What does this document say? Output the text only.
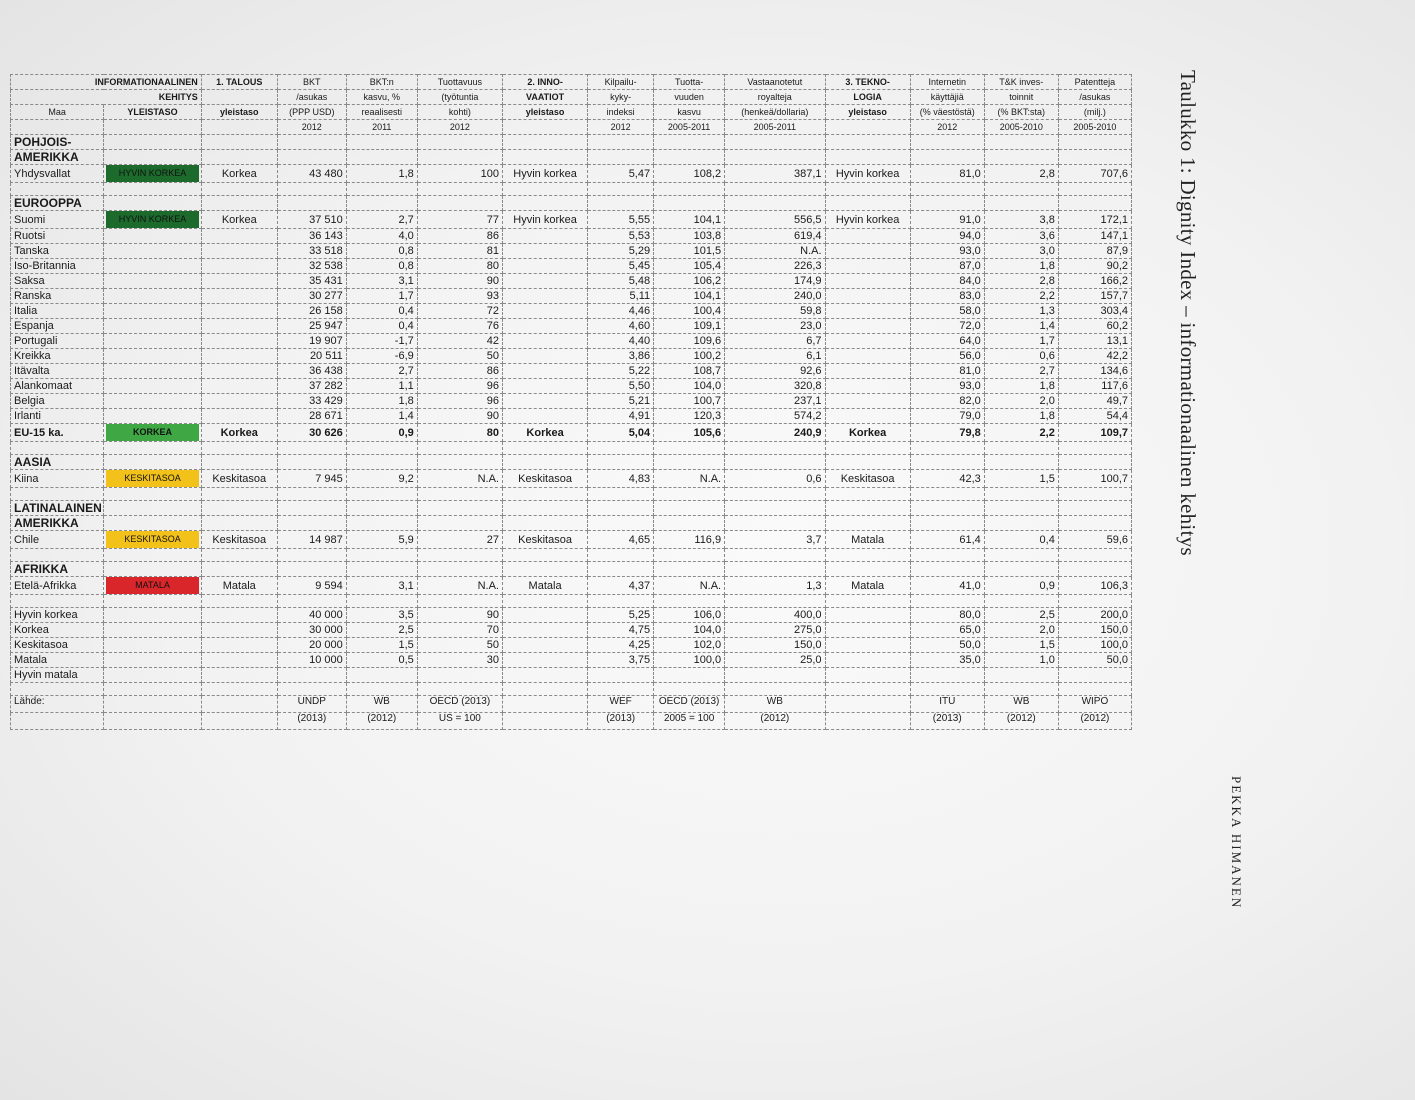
INFORMATIONAALINEN		1. TALOUS	BKT	BKT:n	Tuottavuus	2. INNO-	Kilpailu-	Tuotta-	Vastaanotetut	3. TEKNO-	Internetin	T&K inves-	Patentteja
KEHITYS			/asukas	kasvu, %	(työtuntia	VAATIOT	kyky-	vuuden	royalteja	LOGIA	käyttäjiä	toinnit	/asukas
Maa	YLEISTASO	yleistaso	(PPP USD)	reaalisesti	kohti)	yleistaso	indeksi	kasvu	(henkeä/dollaria)	yleistaso	(% väestöstä)	(% BKT:sta)	(milj.)
			2012	2011	2012		2012	2005-2011	2005-2011		2012	2005-2010	2005-2010
POHJOIS-													
AMERIKKA													
Yhdysvallat	HYVIN KORKEA	Korkea	43 480	1,8	100	Hyvin korkea	5,47	108,2	387,1	Hyvin korkea	81,0	2,8	707,6

EUROOPPA													
Suomi	HYVIN KORKEA	Korkea	37 510	2,7	77	Hyvin korkea	5,55	104,1	556,5	Hyvin korkea	91,0	3,8	172,1
Ruotsi			36 143	4,0	86		5,53	103,8	619,4		94,0	3,6	147,1
Tanska			33 518	0,8	81		5,29	101,5	N.A.		93,0	3,0	87,9
Iso-Britannia			32 538	0,8	80		5,45	105,4	226,3		87,0	1,8	90,2
Saksa			35 431	3,1	90		5,48	106,2	174,9		84,0	2,8	166,2
Ranska			30 277	1,7	93		5,11	104,1	240,0		83,0	2,2	157,7
Italia			26 158	0,4	72		4,46	100,4	59,8		58,0	1,3	303,4
Espanja			25 947	0,4	76		4,60	109,1	23,0		72,0	1,4	60,2
Portugali			19 907	-1,7	42		4,40	109,6	6,7		64,0	1,7	13,1
Kreikka			20 511	-6,9	50		3,86	100,2	6,1		56,0	0,6	42,2
Itävalta			36 438	2,7	86		5,22	108,7	92,6		81,0	2,7	134,6
Alankomaat			37 282	1,1	96		5,50	104,0	320,8		93,0	1,8	117,6
Belgia			33 429	1,8	96		5,21	100,7	237,1		82,0	2,0	49,7
Irlanti			28 671	1,4	90		4,91	120,3	574,2		79,0	1,8	54,4
EU-15 ka.	KORKEA	Korkea	30 626	0,9	80	Korkea	5,04	105,6	240,9	Korkea	79,8	2,2	109,7

AASIA													
Kiina	KESKITASOA	Keskitasoa	7 945	9,2	N.A.	Keskitasoa	4,83	N.A.	0,6	Keskitasoa	42,3	1,5	100,7

LATINALAINEN													
AMERIKKA													
Chile	KESKITASOA	Keskitasoa	14 987	5,9	27	Keskitasoa	4,65	116,9	3,7	Matala	61,4	0,4	59,6

AFRIKKA													
Etelä-Afrikka	MATALA	Matala	9 594	3,1	N.A.	Matala	4,37	N.A.	1,3	Matala	41,0	0,9	106,3

Hyvin korkea			40 000	3,5	90		5,25	106,0	400,0		80,0	2,5	200,0
Korkea			30 000	2,5	70		4,75	104,0	275,0		65,0	2,0	150,0
Keskitasoa			20 000	1,5	50		4,25	102,0	150,0		50,0	1,5	100,0
Matala			10 000	0,5	30		3,75	100,0	25,0		35,0	1,0	50,0
Hyvin matala													

Lähde:			UNDP	WB	OECD (2013)		WEF	OECD (2013)	WB		ITU	WB	WIPO
			(2013)	(2012)	US = 100		(2013)	2005 = 100	(2012)		(2013)	(2012)	(2012)
Taulukko 1: Dignity Index – informationaalinen kehitys
PEKKA HIMANEN
